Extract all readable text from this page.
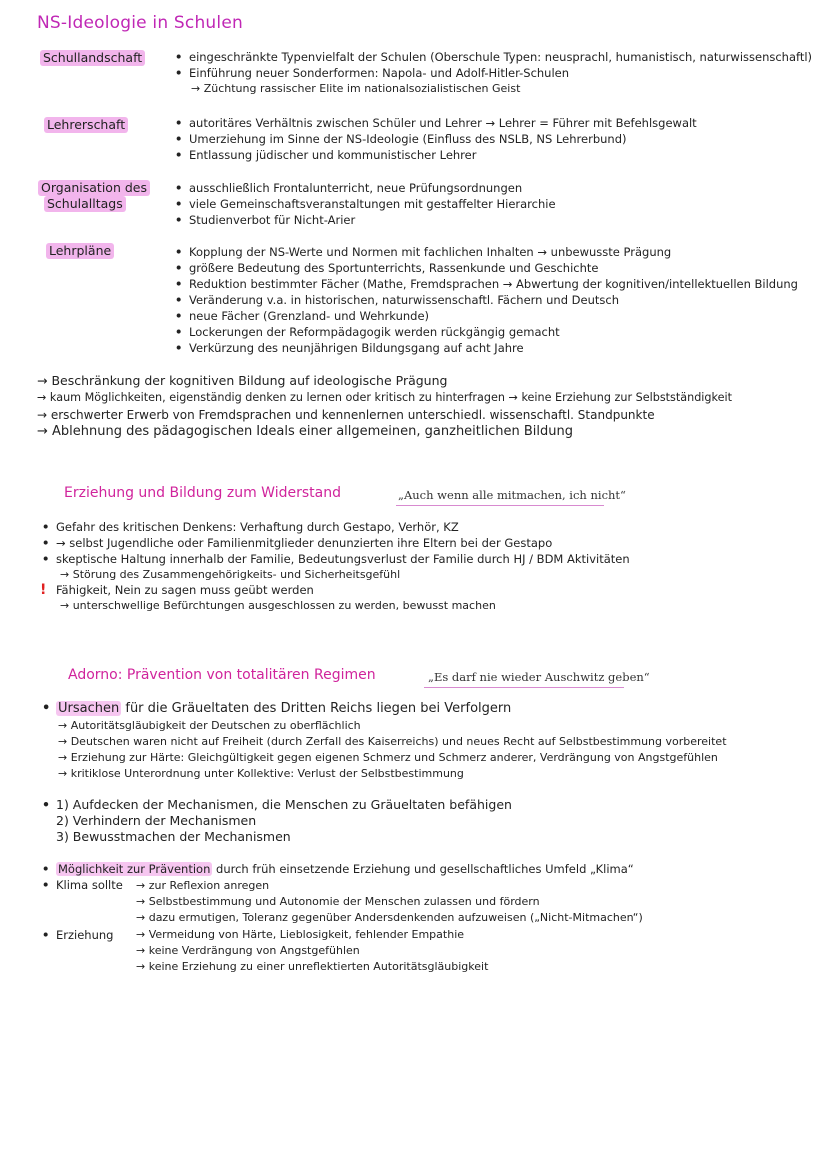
NS-Ideologie in Schulen
Schullandschaft	• eingeschränkte Typenvielfalt der Schulen (Oberschule Typen: neusprachl, humanistisch, naturwissenschaftl)
• Einführung neuer Sonderformen: Napola- und Adolf-Hitler-Schulen
→ Züchtung rassischer Elite im nationalsozialistischen Geist
Lehrerschaft	• autoritäres Verhältnis zwischen Schüler und Lehrer → Lehrer = Führer mit Befehlsgewalt
• Umerziehung im Sinne der NS-Ideologie (Einfluss des NSLB, NS Lehrerbund)
• Entlassung jüdischer und kommunistischer Lehrer
Organisation des
Schulalltags
• ausschließlich Frontalunterricht, neue Prüfungsordnungen
• viele Gemeinschaftsveranstaltungen mit gestaffelter Hierarchie
• Studienverbot für Nicht-Arier
Lehrpläne	• Kopplung der NS-Werte und Normen mit fachlichen Inhalten → unbewusste Prägung
• größere Bedeutung des Sportunterrichts, Rassenkunde und Geschichte
• Reduktion bestimmter Fächer (Mathe, Fremdsprachen → Abwertung der kognitiven/intellektuellen Bildung
• Veränderung v.a. in historischen, naturwissenschaftl. Fächern und Deutsch
• neue Fächer (Grenzland- und Wehrkunde)
• Lockerungen der Reformpädagogik werden rückgängig gemacht
• Verkürzung des neunjährigen Bildungsgang auf acht Jahre
→ Beschränkung der kognitiven Bildung auf ideologische Prägung
→ kaum Möglichkeiten, eigenständig denken zu lernen oder kritisch zu hinterfragen → keine Erziehung zur Selbstständigkeit
→ erschwerter Erwerb von Fremdsprachen und kennenlernen unterschiedl. wissenschaftl. Standpunkte
→ Ablehnung des pädagogischen Ideals einer allgemeinen, ganzheitlichen Bildung
Erziehung und Bildung zum Widerstand	„Auch wenn alle mitmachen, ich nicht“
• Gefahr des kritischen Denkens: Verhaftung durch Gestapo, Verhör, KZ
• → selbst Jugendliche oder Familienmitglieder denunzierten ihre Eltern bei der Gestapo
• skeptische Haltung innerhalb der Familie, Bedeutungsverlust der Familie durch HJ / BDM Aktivitäten
→ Störung des Zusammengehörigkeits- und Sicherheitsgefühl
! Fähigkeit, Nein zu sagen muss geübt werden
→ unterschwellige Befürchtungen ausgeschlossen zu werden, bewusst machen
Adorno: Prävention von totalitären Regimen	„Es darf nie wieder Auschwitz geben“
• Ursachen für die Gräueltaten des Dritten Reichs liegen bei Verfolgern
→ Autoritätsgläubigkeit der Deutschen zu oberflächlich
→ Deutschen waren nicht auf Freiheit (durch Zerfall des Kaiserreichs) und neues Recht auf Selbstbestimmung vorbereitet
→ Erziehung zur Härte: Gleichgültigkeit gegen eigenen Schmerz und Schmerz anderer, Verdrängung von Angstgefühlen
→ kritiklose Unterordnung unter Kollektive: Verlust der Selbstbestimmung
• 1) Aufdecken der Mechanismen, die Menschen zu Gräueltaten befähigen
2) Verhindern der Mechanismen
3) Bewusstmachen der Mechanismen
• Möglichkeit zur Prävention durch früh einsetzende Erziehung und gesellschaftliches Umfeld „Klima“
• Klima sollte → zur Reflexion anregen
→ Selbstbestimmung und Autonomie der Menschen zulassen und fördern
→ dazu ermutigen, Toleranz gegenüber Andersdenkenden aufzuweisen („Nicht-Mitmachen“)
• Erziehung → Vermeidung von Härte, Lieblosigkeit, fehlender Empathie
→ keine Verdrängung von Angstgefühlen
→ keine Erziehung zu einer unreflektierten Autoritätsgläubigkeit
